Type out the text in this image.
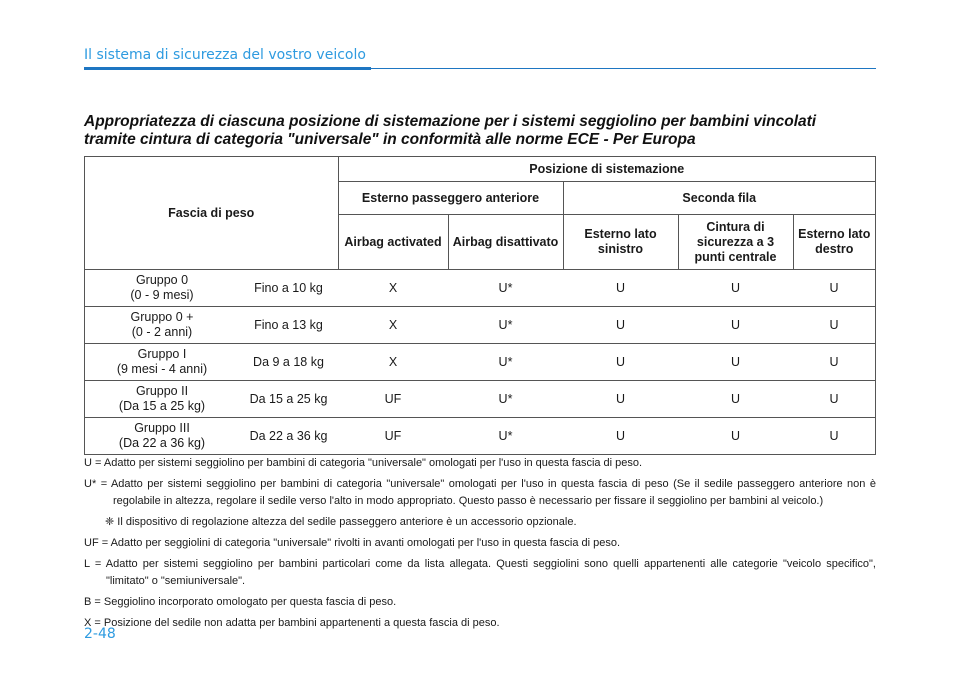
Il sistema di sicurezza del vostro veicolo
Appropriatezza di ciascuna posizione di sistemazione per i sistemi seggiolino per bambini vincolati
tramite cintura di categoria "universale" in conformità alle norme ECE - Per Europa
Fascia di peso		Posizione di sistemazione				
		Esterno passeggero anteriore		Seconda fila		
		Airbag activated	Airbag disattivato	Esterno lato sinistro	Cintura di sicurezza a 3 punti centrale	Esterno lato destro

Gruppo 0
(0 - 9 mesi)	Fino a 10 kg	X	U*	U	U	U

Gruppo 0 +
(0 - 2 anni)	Fino a 13 kg	X	U*	U	U	U

Gruppo I
(9 mesi - 4 anni)	Da 9 a 18 kg	X	U*	U	U	U

Gruppo II
(Da 15 a 25 kg)	Da 15 a 25 kg	UF	U*	U	U	U

Gruppo III
(Da 22 a 36 kg)	Da 22 a 36 kg	UF	U*	U	U	U

U = Adatto per sistemi seggiolino per bambini di categoria "universale" omologati per l'uso in questa fascia di peso.

U* = Adatto per sistemi seggiolino per bambini di categoria "universale" omologati per l'uso in questa fascia di peso (Se il sedile passeggero anteriore non è regolabile in altezza, regolare il sedile verso l'alto in modo appropriato. Questo passo è necessario per fissare il seggiolino per bambini al veicolo.)

❈ Il dispositivo di regolazione altezza del sedile passeggero anteriore è un accessorio opzionale.

UF = Adatto per seggiolini di categoria "universale" rivolti in avanti omologati per l'uso in questa fascia di peso.

L = Adatto per sistemi seggiolino per bambini particolari come da lista allegata. Questi seggiolini sono quelli appartenenti alle categorie "veicolo specifico", "limitato" o "semiuniversale".

B = Seggiolino incorporato omologato per questa fascia di peso.

X = Posizione del sedile non adatta per bambini appartenenti a questa fascia di peso.

2-48
